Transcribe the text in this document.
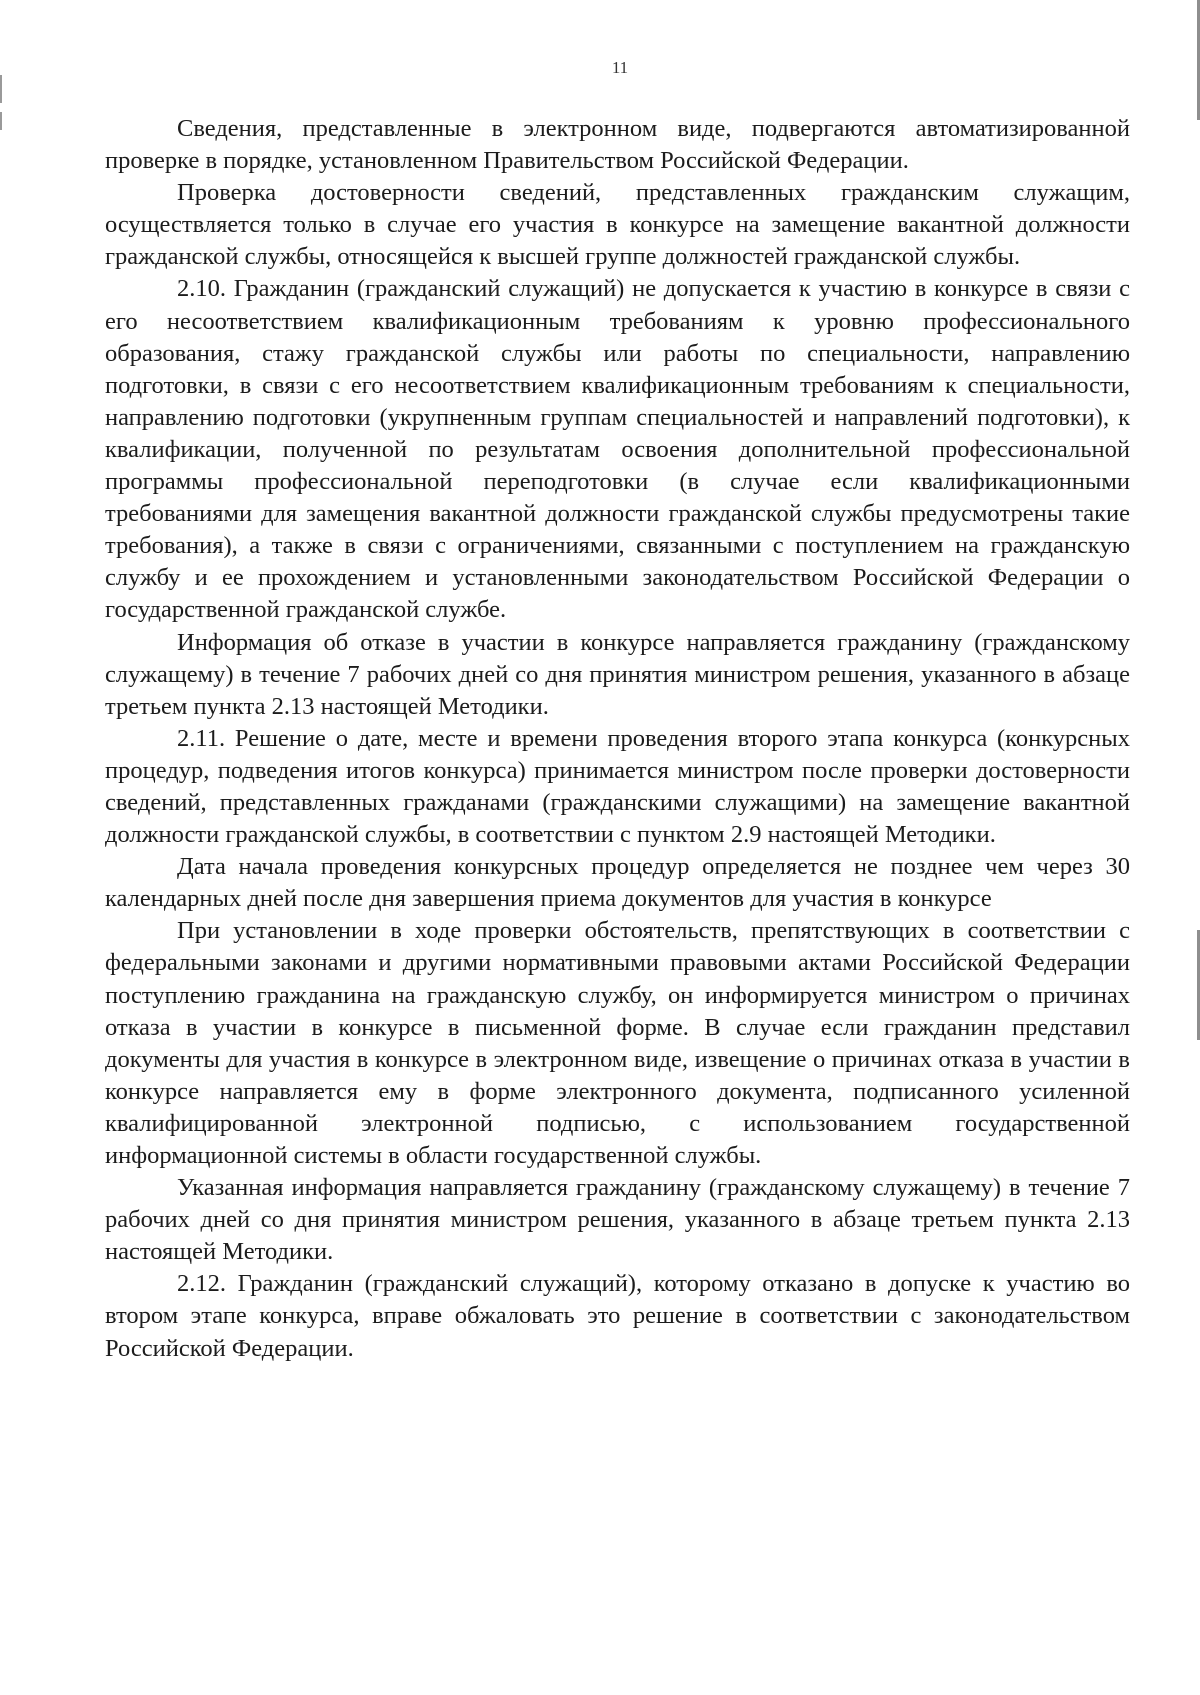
11

Сведения, представленные в электронном виде, подвергаются автоматизированной проверке в порядке, установленном Правительством Российской Федерации.

Проверка достоверности сведений, представленных гражданским служащим, осуществляется только в случае его участия в конкурсе на замещение вакантной должности гражданской службы, относящейся к высшей группе должностей гражданской службы.

2.10. Гражданин (гражданский служащий) не допускается к участию в конкурсе в связи с его несоответствием квалификационным требованиям к уровню профессионального образования, стажу гражданской службы или работы по специальности, направлению подготовки, в связи с его несоответствием квалификационным требованиям к специальности, направлению подготовки (укрупненным группам специальностей и направлений подготовки), к квалификации, полученной по результатам освоения дополнительной профессиональной программы профессиональной переподготовки (в случае если квалификационными требованиями для замещения вакантной должности гражданской службы предусмотрены такие требования), а также в связи с ограничениями, связанными с поступлением на гражданскую службу и ее прохождением и установленными законодательством Российской Федерации о государственной гражданской службе.

Информация об отказе в участии в конкурсе направляется гражданину (гражданскому служащему) в течение 7 рабочих дней со дня принятия министром решения, указанного в абзаце третьем пункта 2.13 настоящей Методики.

2.11. Решение о дате, месте и времени проведения второго этапа конкурса (конкурсных процедур, подведения итогов конкурса) принимается министром после проверки достоверности сведений, представленных гражданами (гражданскими служащими) на замещение вакантной должности гражданской службы, в соответствии с пунктом 2.9 настоящей Методики.

Дата начала проведения конкурсных процедур определяется не позднее чем через 30 календарных дней после дня завершения приема документов для участия в конкурсе

При установлении в ходе проверки обстоятельств, препятствующих в соответствии с федеральными законами и другими нормативными правовыми актами Российской Федерации поступлению гражданина на гражданскую службу, он информируется министром о причинах отказа в участии в конкурсе в письменной форме. В случае если гражданин представил документы для участия в конкурсе в электронном виде, извещение о причинах отказа в участии в конкурсе направляется ему в форме электронного документа, подписанного усиленной квалифицированной электронной подписью, с использованием государственной информационной системы в области государственной службы.

Указанная информация направляется гражданину (гражданскому служащему) в течение 7 рабочих дней со дня принятия министром решения, указанного в абзаце третьем пункта 2.13 настоящей Методики.

2.12. Гражданин (гражданский служащий), которому отказано в допуске к участию во втором этапе конкурса, вправе обжаловать это решение в соответствии с законодательством Российской Федерации.
